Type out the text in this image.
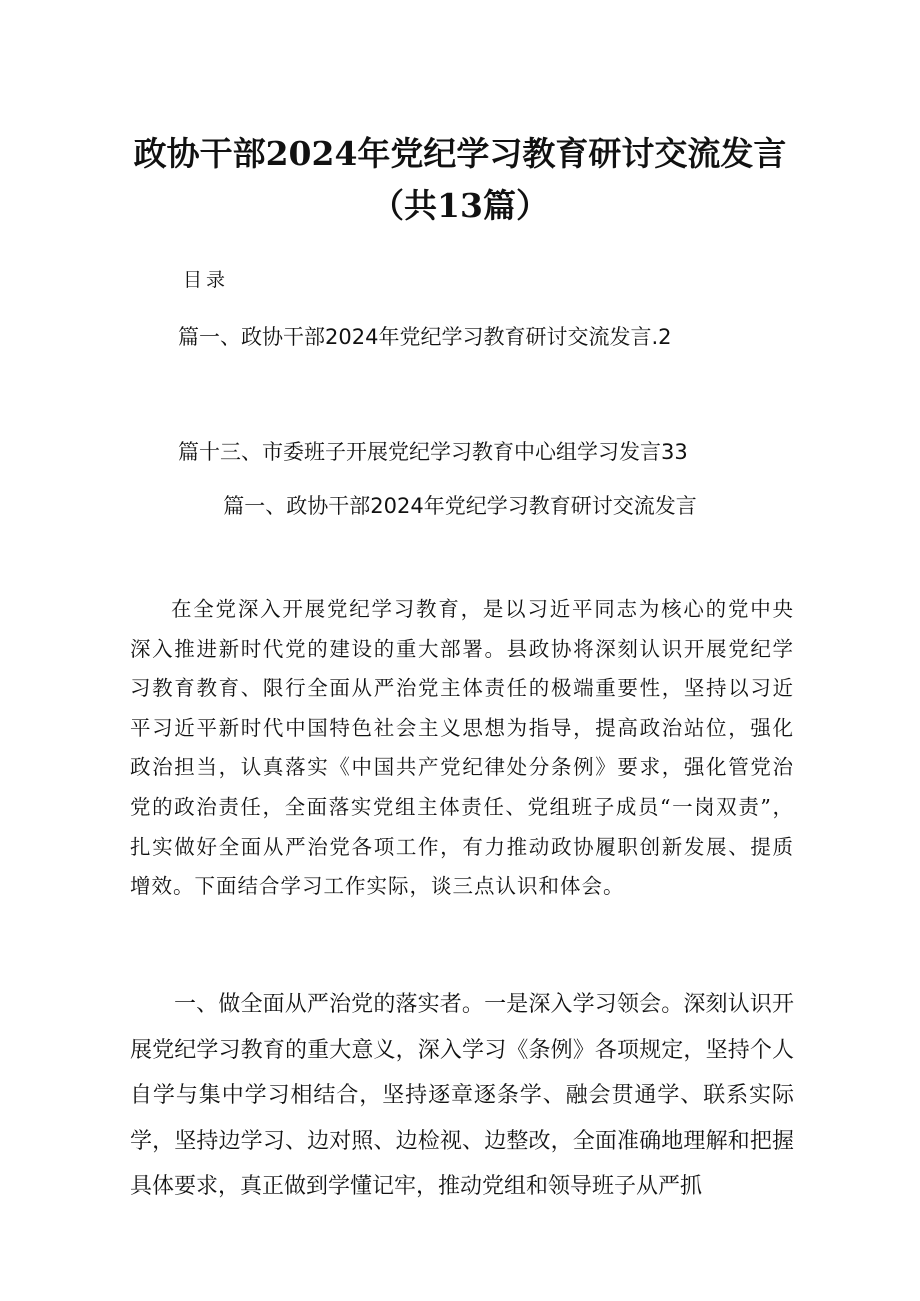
政协干部2024年党纪学习教育研讨交流发言（共13篇）
目录
篇一、政协干部2024年党纪学习教育研讨交流发言.2
篇十三、市委班子开展党纪学习教育中心组学习发言33
篇一、政协干部2024年党纪学习教育研讨交流发言

在全党深入开展党纪学习教育，是以习近平同志为核心的党中央深入推进新时代党的建设的重大部署。县政协将深刻认识开展党纪学习教育教育、限行全面从严治党主体责任的极端重要性，坚持以习近平习近平新时代中国特色社会主义思想为指导，提高政治站位，强化政治担当，认真落实《中国共产党纪律处分条例》要求，强化管党治党的政治责任，全面落实党组主体责任、党组班子成员“一岗双责”，扎实做好全面从严治党各项工作，有力推动政协履职创新发展、提质增效。下面结合学习工作实际，谈三点认识和体会。

一、做全面从严治党的落实者。一是深入学习领会。深刻认识开展党纪学习教育的重大意义，深入学习《条例》各项规定，坚持个人自学与集中学习相结合，坚持逐章逐条学、融会贯通学、联系实际学，坚持边学习、边对照、边检视、边整改，全面准确地理解和把握具体要求，真正做到学懂记牢，推动党组和领导班子从严抓
